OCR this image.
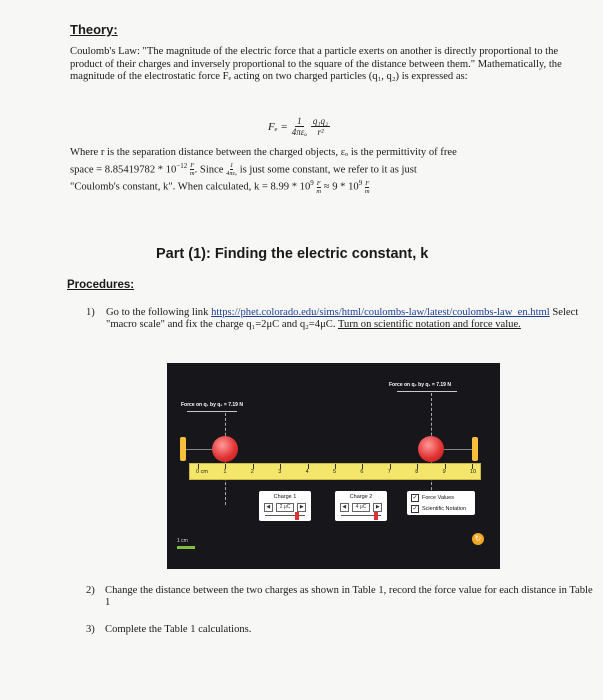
Theory:
Coulomb's Law: "The magnitude of the electric force that a particle exerts on another is directly proportional to the product of their charges and inversely proportional to the square of the distance between them." Mathematically, the magnitude of the electrostatic force Fₑ acting on two charged particles (q₁, q₂) is expressed as:
$F_e = \frac{1}{\text{4πεₒ}} \frac{\text{q₁q₂}}{\text{r²}}$
Where r is the separation distance between the charged objects, εₒ is the permittivity of free
space = $8.85419782 * 10^{-12} \frac{F}{m}$ . Since $\frac{1}{\text{4πεₒ}}$ is just some constant, we refer to it as just
"Coulomb's constant, k". When calculated, $k = 8.99 * 10^9 \frac{F}{m} \approx 9 * 10^9 \frac{F}{m}$
Part (1): Finding the electric constant, k
Procedures:
1) Go to the following link https://phet.colorado.edu/sims/html/coulombs-law/latest/coulombs-law_en.html Select "macro scale" and fix the charge q₁=2μC and q₂=4μC. Turn on scientific notation and force value.
Force on q₁ by q₂ = 7.19 N
Force on q₂ by q₁ = 7.19 N
0 cm	1	2	3	4	5	6	7	8	9	10
Charge 1
◀	2 μC	▶
Charge 2
◀	4 μC	▶
✓ Force Values
✓ Scientific Notation
1 cm	↻
2) Change the distance between the two charges as shown in Table 1, record the force value for each distance in Table 1
3) Complete the Table 1 calculations.
